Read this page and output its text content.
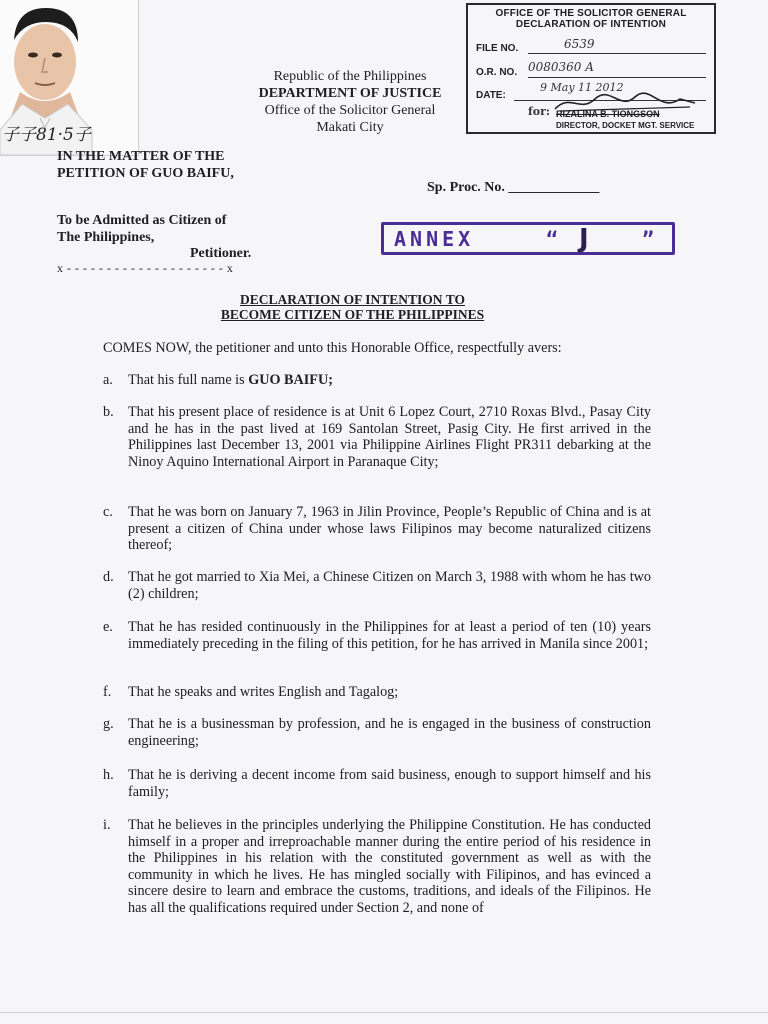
子子81·5子
Republic of the Philippines
DEPARTMENT OF JUSTICE
Office of the Solicitor General
Makati City
OFFICE OF THE SOLICITOR GENERAL
DECLARATION OF INTENTION
FILE NO.	6539
O.R. NO. 0080360 A
DATE:
9 May 11 2012
for: RIZALINA B. TIONGSON
DIRECTOR, DOCKET MGT. SERVICE
IN THE MATTER OF THE
PETITION OF GUO BAIFU,
To be Admitted as Citizen of
The Philippines,
Petitioner.
x - - - - - - - - - - - - - - - - - - - - x
Sp. Proc. No. _____________
ANNEX	“ J ”
DECLARATION OF INTENTION TO
BECOME CITIZEN OF THE PHILIPPINES
COMES NOW, the petitioner and unto this Honorable Office, respectfully avers:
a. That his full name is GUO BAIFU;
b. That his present place of residence is at Unit 6 Lopez Court, 2710 Roxas Blvd., Pasay City and he has in the past lived at 169 Santolan Street, Pasig City. He first arrived in the Philippines last December 13, 2001 via Philippine Airlines Flight PR311 debarking at the Ninoy Aquino International Airport in Paranaque City;
c. That he was born on January 7, 1963 in Jilin Province, People’s Republic of China and is at present a citizen of China under whose laws Filipinos may become naturalized citizens thereof;
d. That he got married to Xia Mei, a Chinese Citizen on March 3, 1988 with whom he has two (2) children;
e. That he has resided continuously in the Philippines for at least a period of ten (10) years immediately preceding in the filing of this petition, for he has arrived in Manila since 2001;
f. That he speaks and writes English and Tagalog;
g. That he is a businessman by profession, and he is engaged in the business of construction engineering;
h. That he is deriving a decent income from said business, enough to support himself and his family;
i. That he believes in the principles underlying the Philippine Constitution. He has conducted himself in a proper and irreproachable manner during the entire period of his residence in the Philippines in his relation with the constituted government as well as with the community in which he lives. He has mingled socially with Filipinos, and has evinced a sincere desire to learn and embrace the customs, traditions, and ideals of the Filipinos. He has all the qualifications required under Section 2, and none of
